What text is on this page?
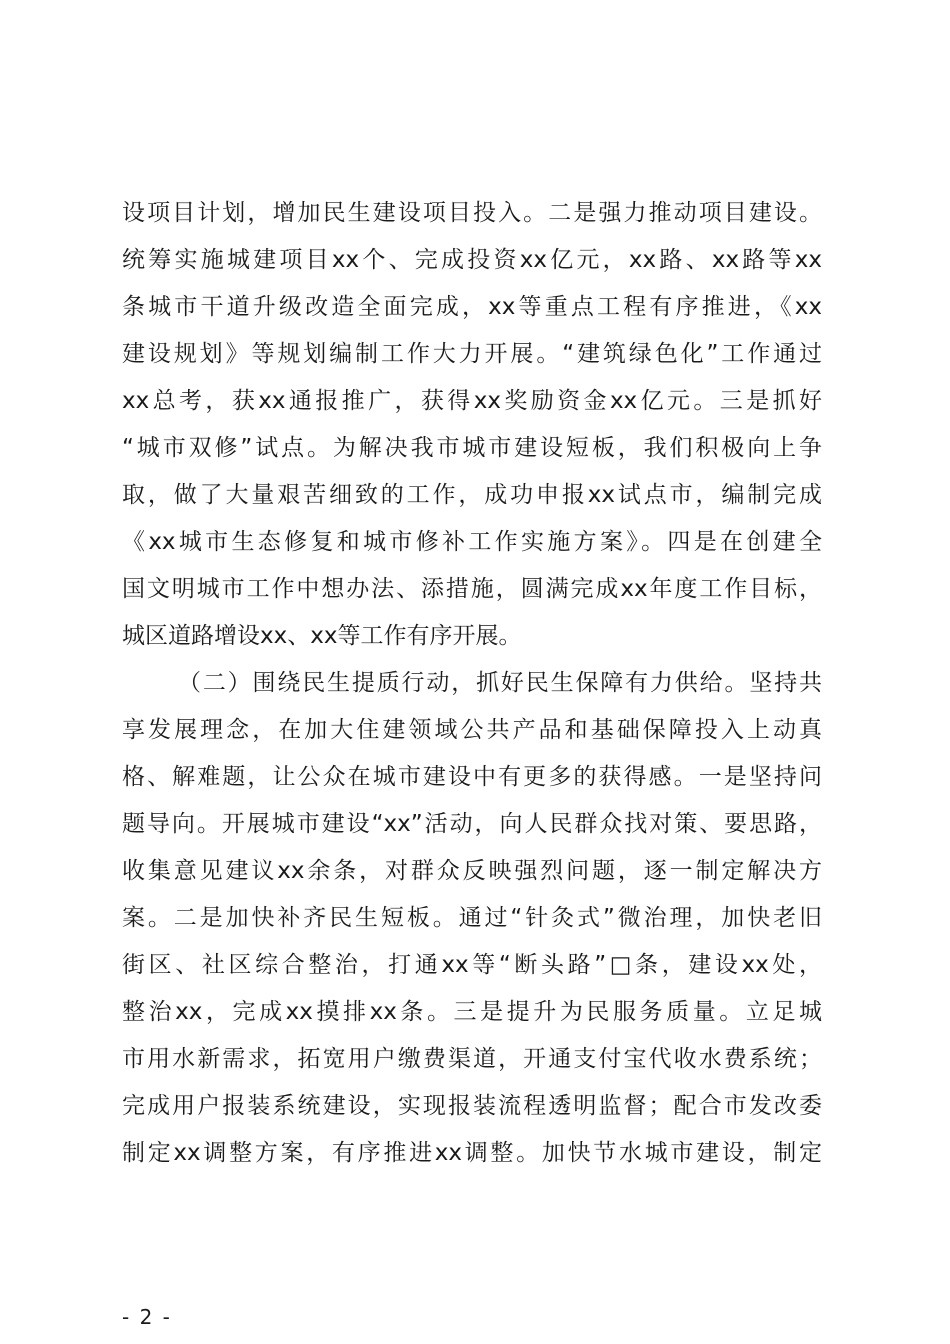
设项目计划，增加民生建设项目投入。二是强力推动项目建设。
统筹实施城建项目xx个、完成投资xx亿元，xx路、xx路等xx
条城市干道升级改造全面完成，xx等重点工程有序推进，《xx
建设规划》等规划编制工作大力开展。“建筑绿色化”工作通过
xx总考，获xx通报推广，获得xx奖励资金xx亿元。三是抓好
“城市双修”试点。为解决我市城市建设短板，我们积极向上争
取，做了大量艰苦细致的工作，成功申报xx试点市，编制完成
《xx城市生态修复和城市修补工作实施方案》。四是在创建全
国文明城市工作中想办法、添措施，圆满完成xx年度工作目标，
城区道路增设xx、xx等工作有序开展。
（二）围绕民生提质行动，抓好民生保障有力供给。坚持共
享发展理念，在加大住建领域公共产品和基础保障投入上动真
格、解难题，让公众在城市建设中有更多的获得感。一是坚持问
题导向。开展城市建设“xx”活动，向人民群众找对策、要思路，
收集意见建议xx余条，对群众反映强烈问题，逐一制定解决方
案。二是加快补齐民生短板。通过“针灸式”微治理，加快老旧
街区、社区综合整治，打通xx等“断头路”□条，建设xx处，
整治xx，完成xx摸排xx条。三是提升为民服务质量。立足城
市用水新需求，拓宽用户缴费渠道，开通支付宝代收水费系统；
完成用户报装系统建设，实现报装流程透明监督；配合市发改委
制定xx调整方案，有序推进xx调整。加快节水城市建设，制定
- 2 -
